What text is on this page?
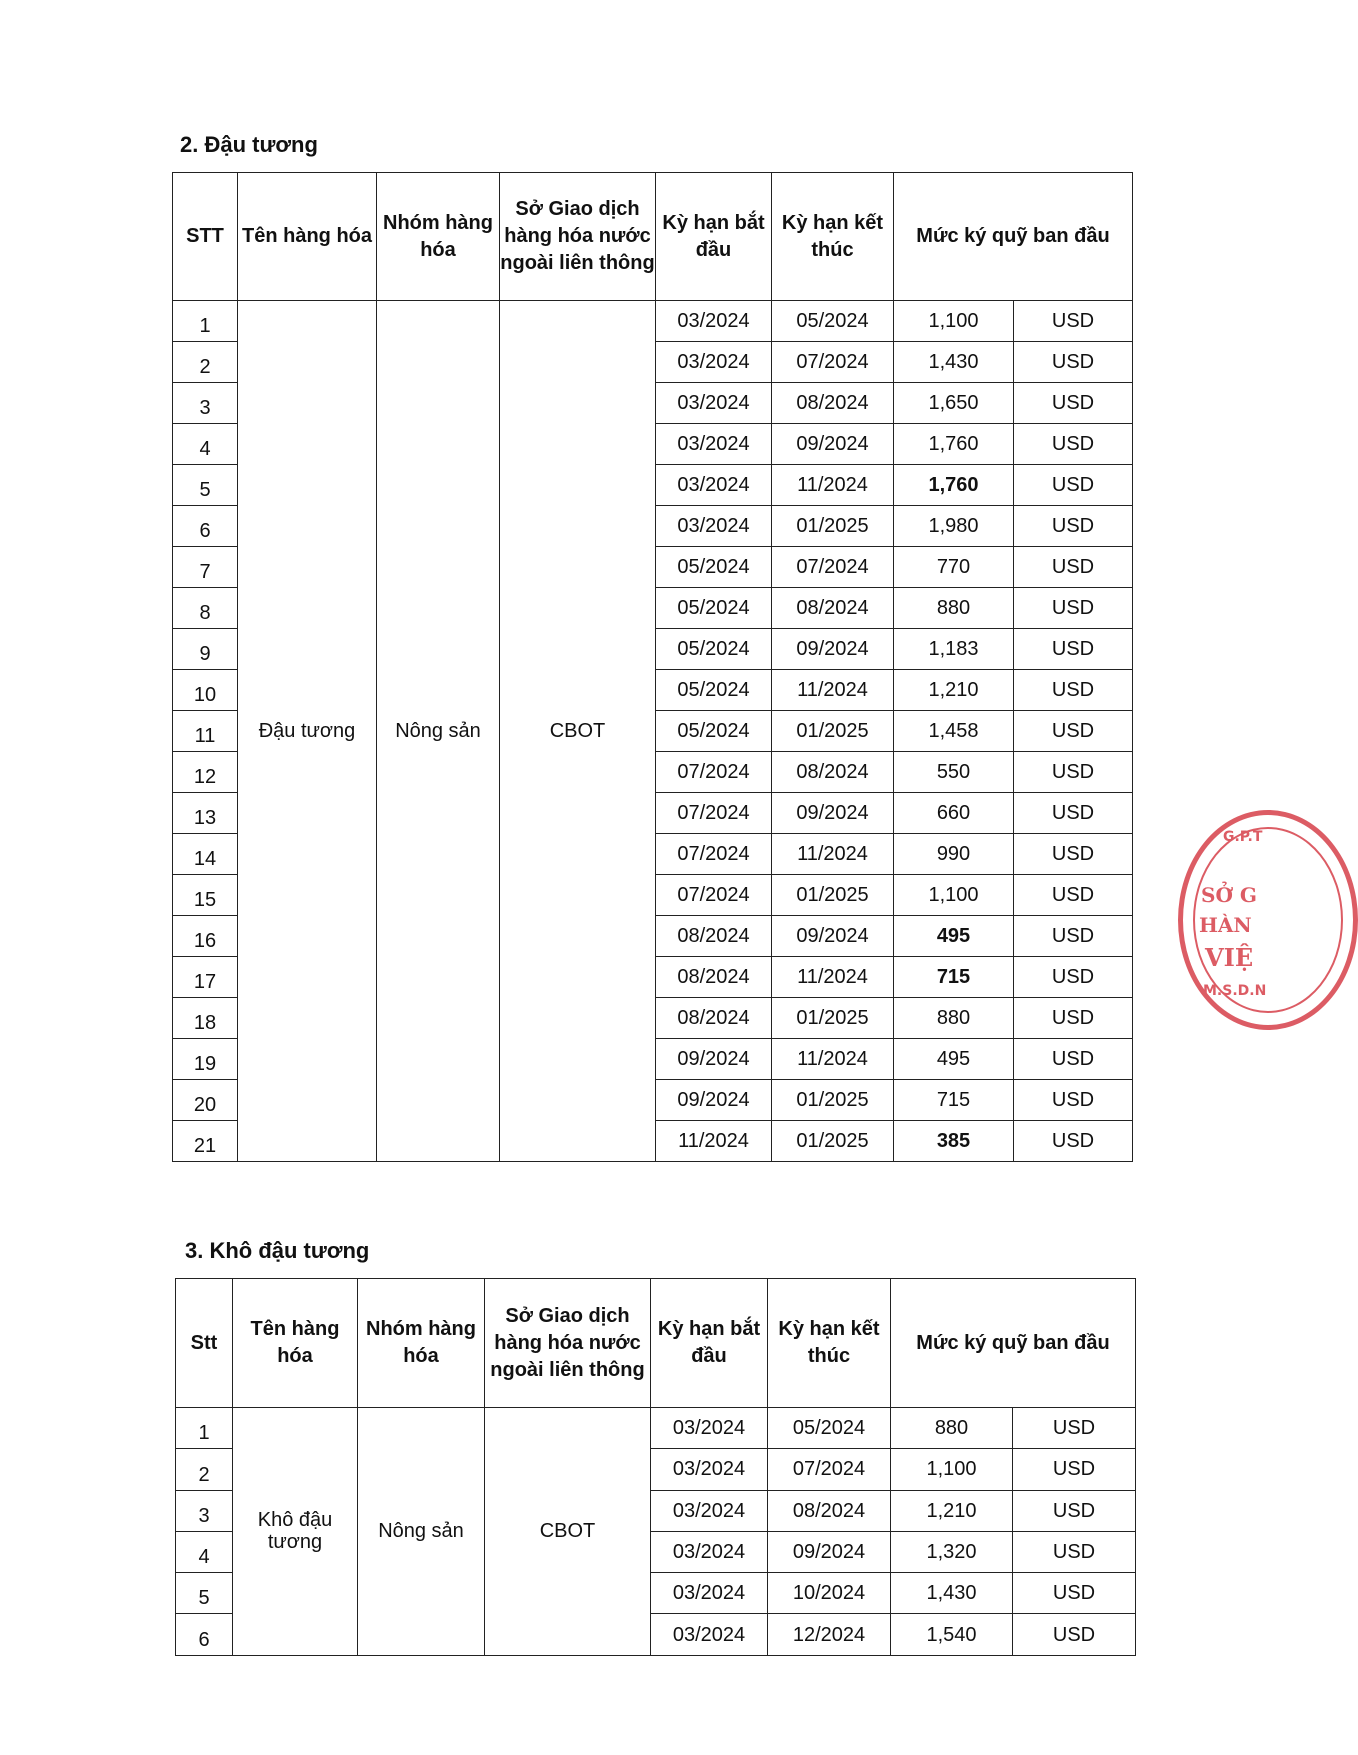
2. Đậu tương
STT	Tên hàng hóa	Nhóm hàng hóa	Sở Giao dịch hàng hóa nước ngoài liên thông	Kỳ hạn bắt đầu	Kỳ hạn kết thúc	Mức ký quỹ ban đầu	
1	Đậu tương	Nông sản	CBOT	03/2024	05/2024	1,100	USD
2				03/2024	07/2024	1,430	USD
3				03/2024	08/2024	1,650	USD
4				03/2024	09/2024	1,760	USD
5				03/2024	11/2024	1,760	USD
6				03/2024	01/2025	1,980	USD
7				05/2024	07/2024	770	USD
8				05/2024	08/2024	880	USD
9				05/2024	09/2024	1,183	USD
10				05/2024	11/2024	1,210	USD
11				05/2024	01/2025	1,458	USD
12				07/2024	08/2024	550	USD
13				07/2024	09/2024	660	USD
14				07/2024	11/2024	990	USD
15				07/2024	01/2025	1,100	USD
16				08/2024	09/2024	495	USD
17				08/2024	11/2024	715	USD
18				08/2024	01/2025	880	USD
19				09/2024	11/2024	495	USD
20				09/2024	01/2025	715	USD
21				11/2024	01/2025	385	USD
3. Khô đậu tương
Stt	Tên hàng hóa	Nhóm hàng hóa	Sở Giao dịch hàng hóa nước ngoài liên thông	Kỳ hạn bắt đầu	Kỳ hạn kết thúc	Mức ký quỹ ban đầu	
1	Khô đậu tương	Nông sản	CBOT	03/2024	05/2024	880	USD
2				03/2024	07/2024	1,100	USD
3				03/2024	08/2024	1,210	USD
4				03/2024	09/2024	1,320	USD
5				03/2024	10/2024	1,430	USD
6				03/2024	12/2024	1,540	USD
G.P.T
SỞ G
HÀN
VIỆ
M.S.D.N
